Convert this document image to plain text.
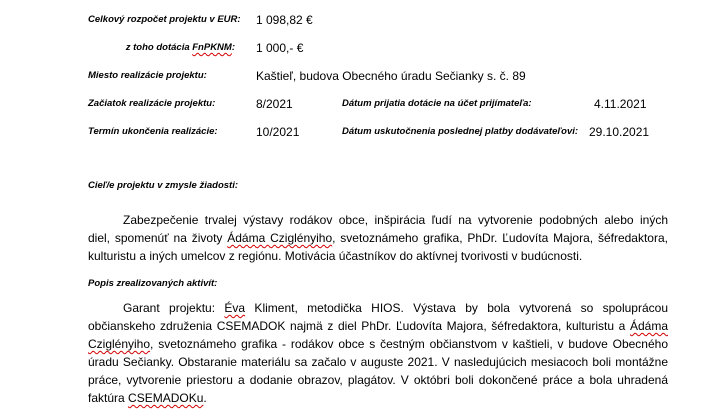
Celkový rozpočet projektu v EUR: 1 098,82 €
z toho dotácia FnPKNM: 1 000,- €
Miesto realizácie projektu:	Kaštieľ, budova Obecného úradu Sečianky s. č. 89
Začiatok realizácie projektu:	8/2021	Dátum prijatia dotácie na účet prijímateľa:	4.11.2021
Termín ukončenia realizácie:	10/2021	Dátum uskutočnenia poslednej platby dodávateľovi: 29.10.2021
Cieľ/e projektu v zmysle žiadosti:
Zabezpečenie trvalej výstavy rodákov obce, inšpirácia ľudí na vytvorenie podobných alebo iných
diel, spomenúť na životy Ádáma Cziglényiho, svetoznámeho grafika, PhDr. Ľudovíta Majora, šéfredaktora,
kulturistu a iných umelcov z regiónu. Motivácia účastníkov do aktívnej tvorivosti v budúcnosti.
Popis zrealizovaných aktivít:
Garant projektu: Éva Kliment, metodička HIOS. Výstava by bola vytvorená so spoluprácou
občianskeho združenia CSEMADOK najmä z diel PhDr. Ľudovíta Majora, šéfredaktora, kulturistu a Ádáma
Cziglényiho, svetoznámeho grafika - rodákov obce s čestným občianstvom v kaštieli, v budove Obecného
úradu Sečianky. Obstaranie materiálu sa začalo v auguste 2021. V nasledujúcich mesiacoch boli montážne
práce, vytvorenie priestoru a dodanie obrazov, plagátov. V októbri boli dokončené práce a bola uhradená
faktúra CSEMADOKu.
